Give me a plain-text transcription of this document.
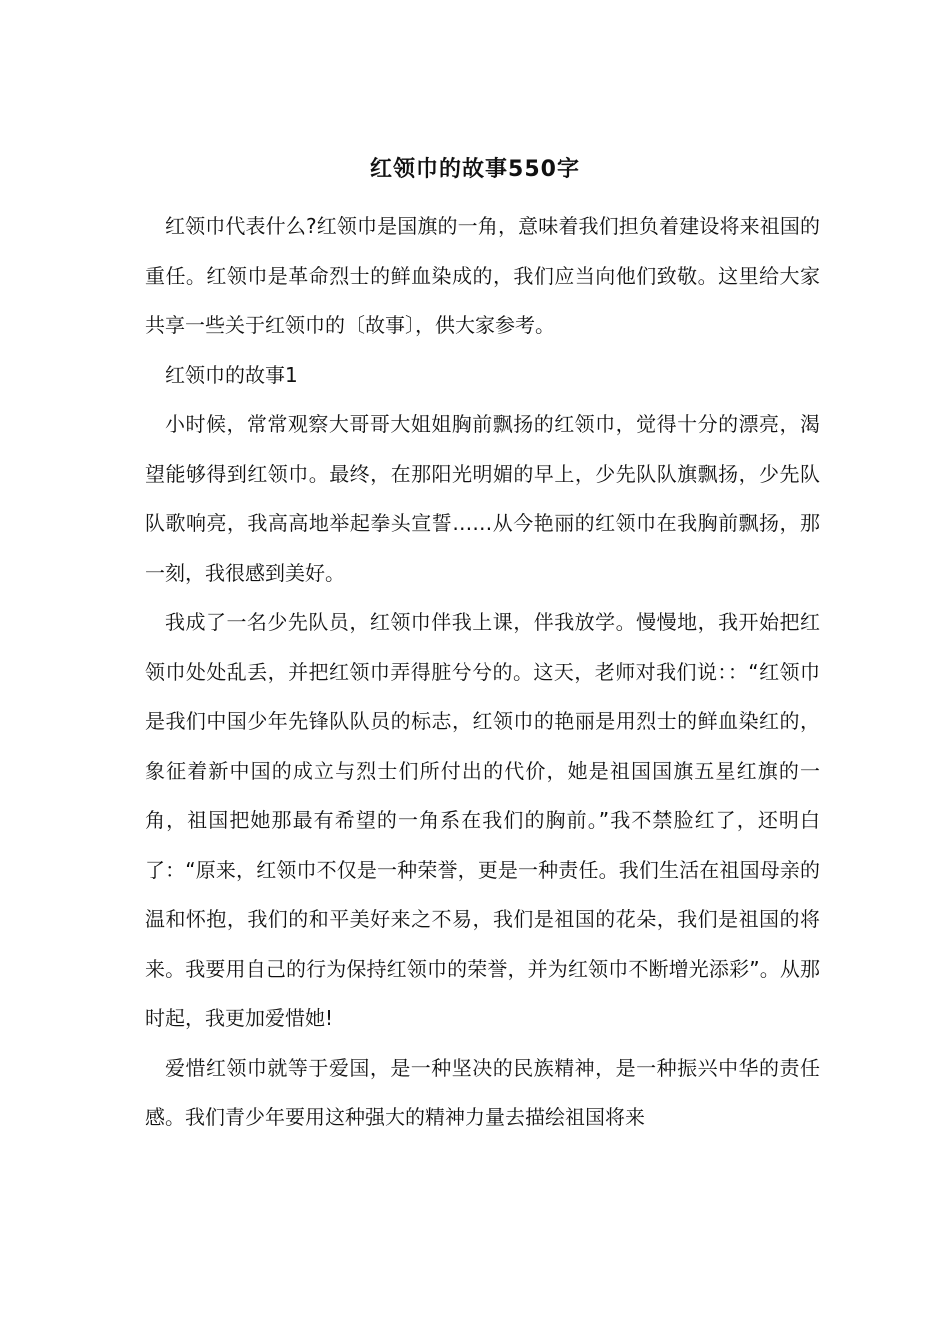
红领巾的故事550字

红领巾代表什么?红领巾是国旗的一角，意味着我们担负着建设将来祖国的重任。红领巾是革命烈士的鲜血染成的，我们应当向他们致敬。这里给大家共享一些关于红领巾的〔故事〕，供大家参考。

红领巾的故事1

小时候，常常观察大哥哥大姐姐胸前飘扬的红领巾，觉得十分的漂亮，渴望能够得到红领巾。最终，在那阳光明媚的早上，少先队队旗飘扬，少先队队歌响亮，我高高地举起拳头宣誓……从今艳丽的红领巾在我胸前飘扬，那一刻，我很感到美好。

我成了一名少先队员，红领巾伴我上课，伴我放学。慢慢地，我开始把红领巾处处乱丢，并把红领巾弄得脏兮兮的。这天，老师对我们说：：“红领巾是我们中国少年先锋队队员的标志，红领巾的艳丽是用烈士的鲜血染红的，象征着新中国的成立与烈士们所付出的代价，她是祖国国旗五星红旗的一角，祖国把她那最有希望的一角系在我们的胸前。”我不禁脸红了，还明白了：“原来，红领巾不仅是一种荣誉，更是一种责任。我们生活在祖国母亲的温和怀抱，我们的和平美好来之不易，我们是祖国的花朵，我们是祖国的将来。我要用自己的行为保持红领巾的荣誉，并为红领巾不断增光添彩”。从那时起，我更加爱惜她!

爱惜红领巾就等于爱国，是一种坚决的民族精神，是一种振兴中华的责任感。我们青少年要用这种强大的精神力量去描绘祖国将来
